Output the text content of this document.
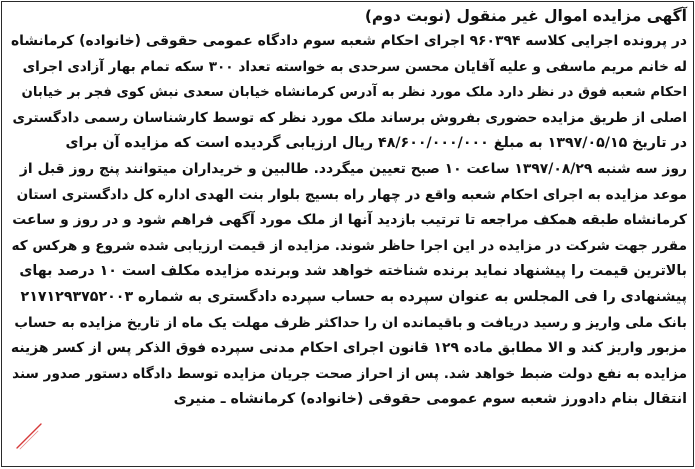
آگهی مزایده اموال غیر منقول (نوبت دوم)
در پرونده اجرایی کلاسه ۹۶۰۳۹۴ اجرای احکام شعبه سوم دادگاه عمومی حقوقی (خانواده) کرمانشاه
له خانم مریم ماسفی و علیه آقایان محسن سرحدی به خواسته تعداد ۳۰۰ سکه تمام بهار آزادی اجرای
احکام شعبه فوق در نظر دارد ملک مورد نظر به آدرس کرمانشاه خیابان سعدی نبش کوی فجر بر خیابان
اصلی از طریق مزایده حضوری بفروش برساند ملک مورد نظر که توسط کارشناسان رسمی دادگستری
در تاریخ ۱۳۹۷/۰۵/۱۵ به مبلغ ۴۸/۶۰۰/۰۰۰/۰۰۰ ریال ارزیابی گردیده است که مزایده آن برای
روز سه شنبه ۱۳۹۷/۰۸/۲۹ ساعت ۱۰ صبح تعیین میگردد. طالبین و خریداران میتوانند پنج روز قبل از
موعد مزایده به اجرای احکام شعبه واقع در چهار راه بسیج بلوار بنت الهدی اداره کل دادگستری استان
کرمانشاه طبقه همکف مراجعه تا ترتیب بازدید آنها از ملک مورد آگهی فراهم شود و در روز و ساعت
مقرر جهت شرکت در مزایده در این اجرا حاظر شوند. مزایده از قیمت ارزیابی شده شروع و هرکس که
بالاترین قیمت را پیشنهاد نماید برنده شناخته خواهد شد وبرنده مزایده مکلف است ۱۰ درصد بهای
پیشنهادی را فی المجلس به عنوان سپرده به حساب سپرده دادگستری به شماره ۲۱۷۱۲۹۳۷۵۲۰۰۳
بانک ملی واریز و رسید دریافت و باقیمانده ان را حداکثر ظرف مهلت یک ماه از تاریخ مزایده به حساب
مزبور واریز کند و الا مطابق ماده ۱۲۹ قانون اجرای احکام مدنی سپرده فوق الذکر پس از کسر هزینه
مزایده به نفع دولت ضبط خواهد شد. پس از احراز صحت جریان مزایده توسط دادگاه دستور صدور سند
انتقال بنام دادورز شعبه سوم عمومی حقوقی (خانواده) کرمانشاه ـ منیری
